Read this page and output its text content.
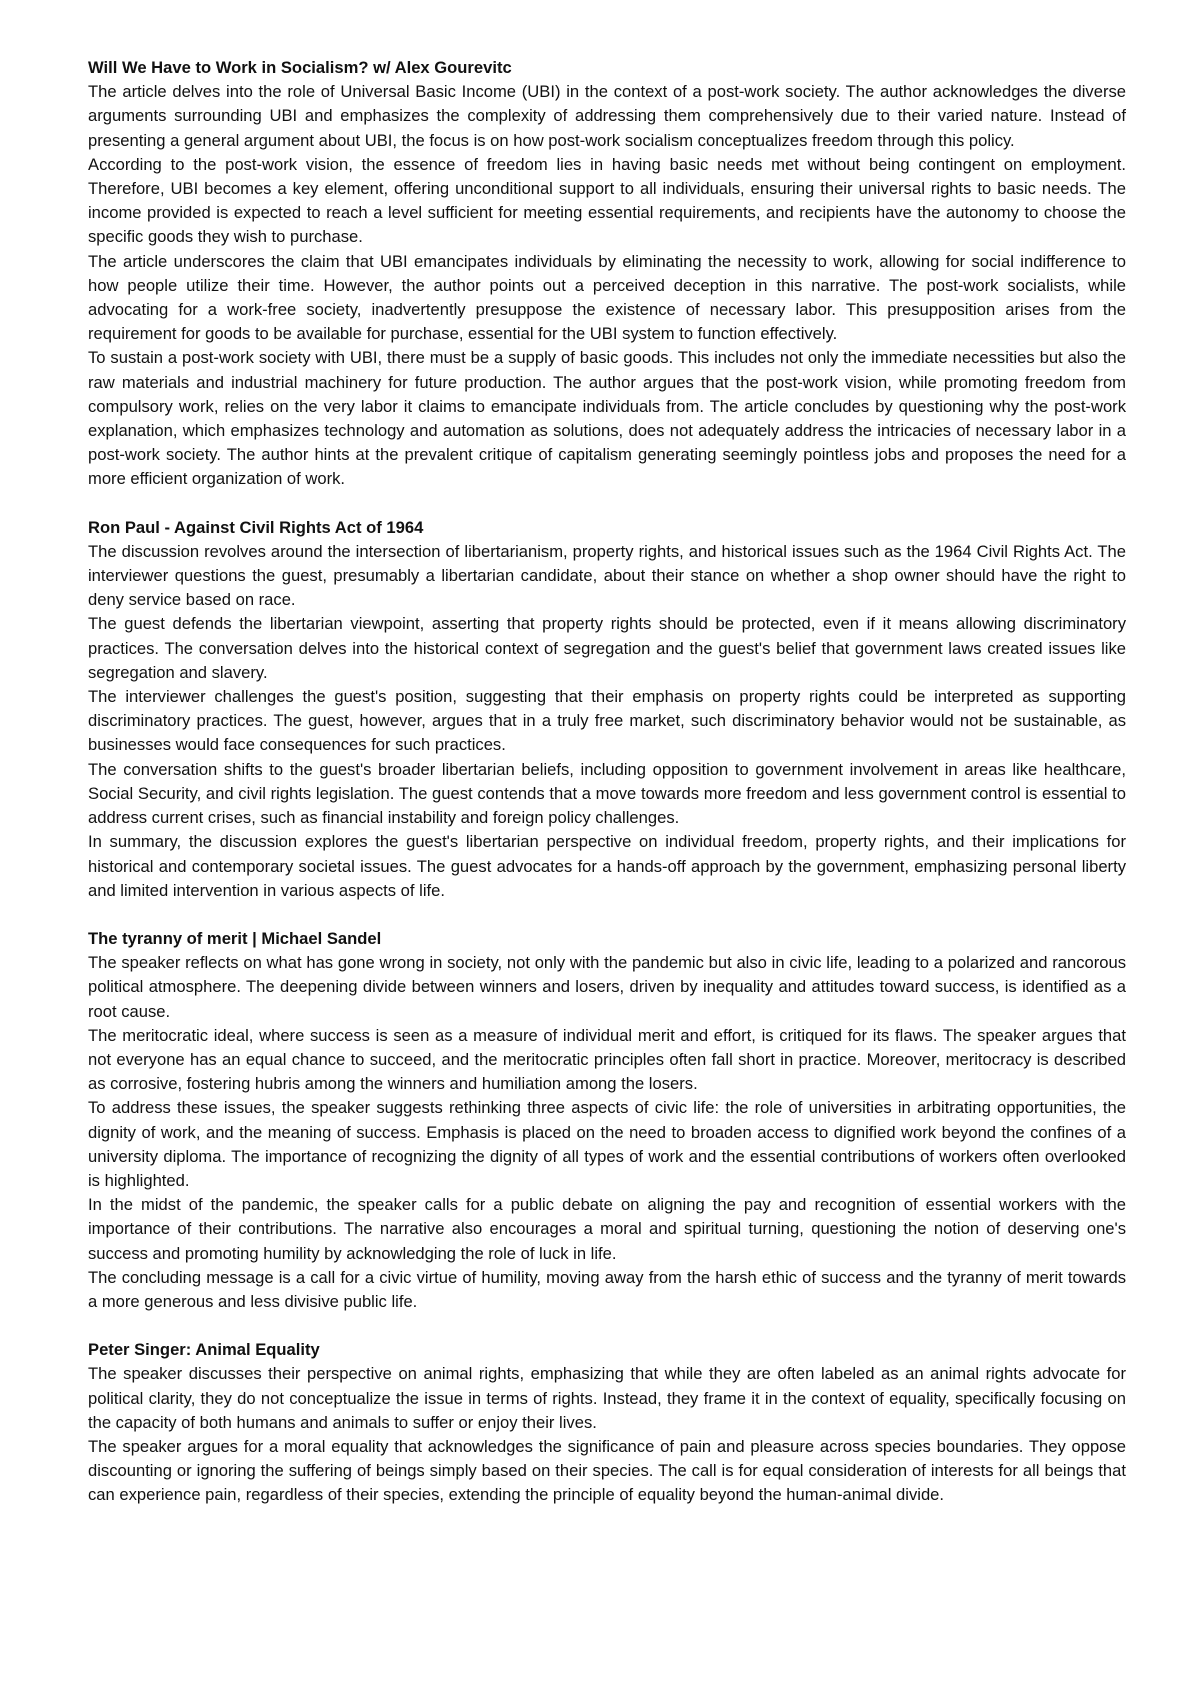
Will We Have to Work in Socialism? w/ Alex Gourevitc

The article delves into the role of Universal Basic Income (UBI) in the context of a post-work society. The author acknowledges the diverse arguments surrounding UBI and emphasizes the complexity of addressing them comprehensively due to their varied nature. Instead of presenting a general argument about UBI, the focus is on how post-work socialism conceptualizes freedom through this policy.

According to the post-work vision, the essence of freedom lies in having basic needs met without being contingent on employment. Therefore, UBI becomes a key element, offering unconditional support to all individuals, ensuring their universal rights to basic needs. The income provided is expected to reach a level sufficient for meeting essential requirements, and recipients have the autonomy to choose the specific goods they wish to purchase.

The article underscores the claim that UBI emancipates individuals by eliminating the necessity to work, allowing for social indifference to how people utilize their time. However, the author points out a perceived deception in this narrative. The post-work socialists, while advocating for a work-free society, inadvertently presuppose the existence of necessary labor. This presupposition arises from the requirement for goods to be available for purchase, essential for the UBI system to function effectively.

To sustain a post-work society with UBI, there must be a supply of basic goods. This includes not only the immediate necessities but also the raw materials and industrial machinery for future production. The author argues that the post-work vision, while promoting freedom from compulsory work, relies on the very labor it claims to emancipate individuals from. The article concludes by questioning why the post-work explanation, which emphasizes technology and automation as solutions, does not adequately address the intricacies of necessary labor in a post-work society. The author hints at the prevalent critique of capitalism generating seemingly pointless jobs and proposes the need for a more efficient organization of work.

Ron Paul - Against Civil Rights Act of 1964

The discussion revolves around the intersection of libertarianism, property rights, and historical issues such as the 1964 Civil Rights Act. The interviewer questions the guest, presumably a libertarian candidate, about their stance on whether a shop owner should have the right to deny service based on race.

The guest defends the libertarian viewpoint, asserting that property rights should be protected, even if it means allowing discriminatory practices. The conversation delves into the historical context of segregation and the guest's belief that government laws created issues like segregation and slavery.

The interviewer challenges the guest's position, suggesting that their emphasis on property rights could be interpreted as supporting discriminatory practices. The guest, however, argues that in a truly free market, such discriminatory behavior would not be sustainable, as businesses would face consequences for such practices.

The conversation shifts to the guest's broader libertarian beliefs, including opposition to government involvement in areas like healthcare, Social Security, and civil rights legislation. The guest contends that a move towards more freedom and less government control is essential to address current crises, such as financial instability and foreign policy challenges.

In summary, the discussion explores the guest's libertarian perspective on individual freedom, property rights, and their implications for historical and contemporary societal issues. The guest advocates for a hands-off approach by the government, emphasizing personal liberty and limited intervention in various aspects of life.

The tyranny of merit | Michael Sandel

The speaker reflects on what has gone wrong in society, not only with the pandemic but also in civic life, leading to a polarized and rancorous political atmosphere. The deepening divide between winners and losers, driven by inequality and attitudes toward success, is identified as a root cause.

The meritocratic ideal, where success is seen as a measure of individual merit and effort, is critiqued for its flaws. The speaker argues that not everyone has an equal chance to succeed, and the meritocratic principles often fall short in practice. Moreover, meritocracy is described as corrosive, fostering hubris among the winners and humiliation among the losers.

To address these issues, the speaker suggests rethinking three aspects of civic life: the role of universities in arbitrating opportunities, the dignity of work, and the meaning of success. Emphasis is placed on the need to broaden access to dignified work beyond the confines of a university diploma. The importance of recognizing the dignity of all types of work and the essential contributions of workers often overlooked is highlighted.

In the midst of the pandemic, the speaker calls for a public debate on aligning the pay and recognition of essential workers with the importance of their contributions. The narrative also encourages a moral and spiritual turning, questioning the notion of deserving one's success and promoting humility by acknowledging the role of luck in life.

The concluding message is a call for a civic virtue of humility, moving away from the harsh ethic of success and the tyranny of merit towards a more generous and less divisive public life.

Peter Singer: Animal Equality

The speaker discusses their perspective on animal rights, emphasizing that while they are often labeled as an animal rights advocate for political clarity, they do not conceptualize the issue in terms of rights. Instead, they frame it in the context of equality, specifically focusing on the capacity of both humans and animals to suffer or enjoy their lives.

The speaker argues for a moral equality that acknowledges the significance of pain and pleasure across species boundaries. They oppose discounting or ignoring the suffering of beings simply based on their species. The call is for equal consideration of interests for all beings that can experience pain, regardless of their species, extending the principle of equality beyond the human-animal divide.
